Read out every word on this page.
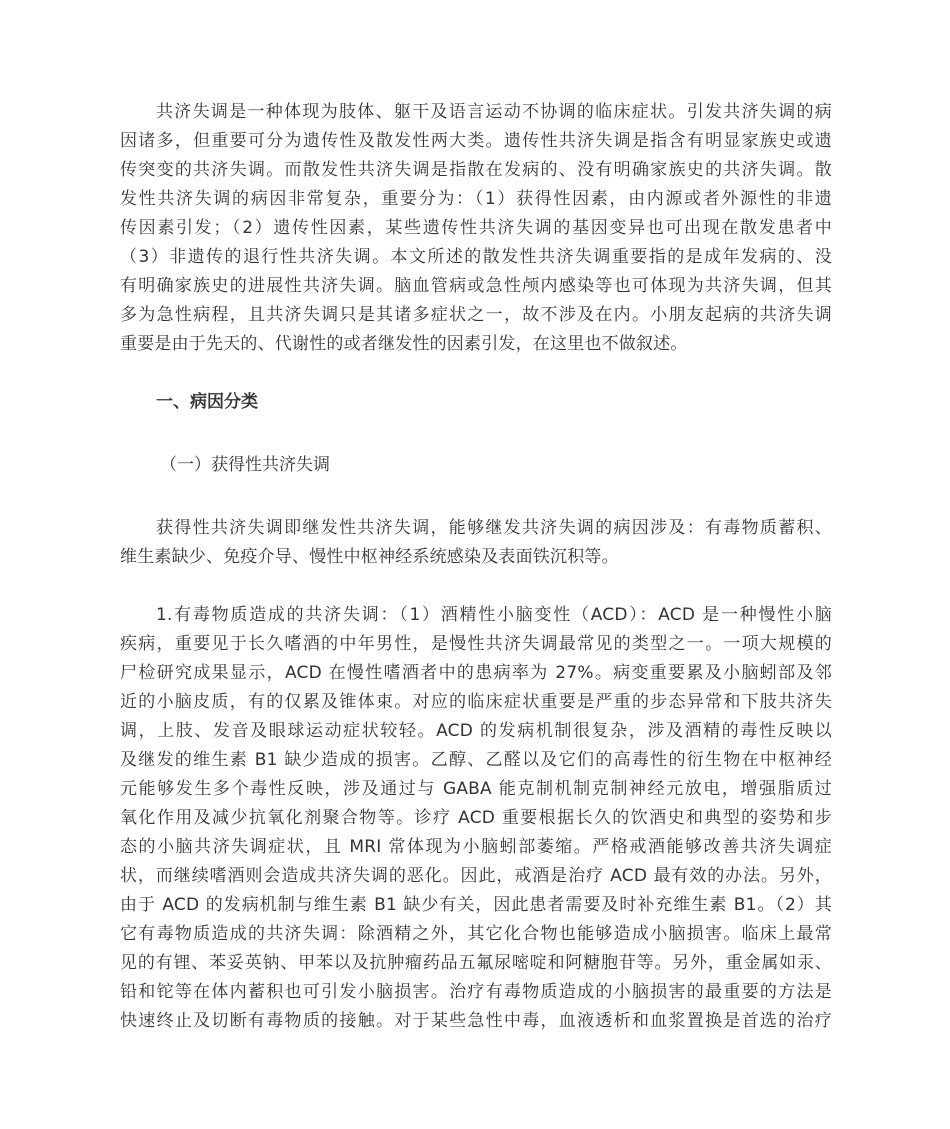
共济失调是一种体现为肢体、躯干及语言运动不协调的临床症状。引发共济失调的病
因诸多，但重要可分为遗传性及散发性两大类。遗传性共济失调是指含有明显家族史或遗
传突变的共济失调。而散发性共济失调是指散在发病的、没有明确家族史的共济失调。散
发性共济失调的病因非常复杂，重要分为：（1）获得性因素，由内源或者外源性的非遗
传因素引发；（2）遗传性因素，某些遗传性共济失调的基因变异也可出现在散发患者中
（3）非遗传的退行性共济失调。本文所述的散发性共济失调重要指的是成年发病的、没
有明确家族史的进展性共济失调。脑血管病或急性颅内感染等也可体现为共济失调，但其
多为急性病程，且共济失调只是其诸多症状之一，故不涉及在内。小朋友起病的共济失调
重要是由于先天的、代谢性的或者继发性的因素引发，在这里也不做叙述。
一、病因分类
（一）获得性共济失调
获得性共济失调即继发性共济失调，能够继发共济失调的病因涉及：有毒物质蓄积、
维生素缺少、免疫介导、慢性中枢神经系统感染及表面铁沉积等。
1.有毒物质造成的共济失调：（1）酒精性小脑变性（ACD）：ACD 是一种慢性小脑
疾病，重要见于长久嗜酒的中年男性，是慢性共济失调最常见的类型之一。一项大规模的
尸检研究成果显示，ACD 在慢性嗜酒者中的患病率为 27%。病变重要累及小脑蚓部及邻
近的小脑皮质，有的仅累及锥体束。对应的临床症状重要是严重的步态异常和下肢共济失
调，上肢、发音及眼球运动症状较轻。ACD 的发病机制很复杂，涉及酒精的毒性反映以
及继发的维生素 B1 缺少造成的损害。乙醇、乙醛以及它们的高毒性的衍生物在中枢神经
元能够发生多个毒性反映，涉及通过与 GABA 能克制机制克制神经元放电，增强脂质过
氧化作用及减少抗氧化剂聚合物等。诊疗 ACD 重要根据长久的饮酒史和典型的姿势和步
态的小脑共济失调症状，且 MRI 常体现为小脑蚓部萎缩。严格戒酒能够改善共济失调症
状，而继续嗜酒则会造成共济失调的恶化。因此，戒酒是治疗 ACD 最有效的办法。另外，
由于 ACD 的发病机制与维生素 B1 缺少有关，因此患者需要及时补充维生素 B1。（2）其
它有毒物质造成的共济失调：除酒精之外，其它化合物也能够造成小脑损害。临床上最常
见的有锂、苯妥英钠、甲苯以及抗肿瘤药品五氟尿嘧啶和阿糖胞苷等。另外，重金属如汞、
铅和铊等在体内蓄积也可引发小脑损害。治疗有毒物质造成的小脑损害的最重要的方法是
快速终止及切断有毒物质的接触。对于某些急性中毒，血液透析和血浆置换是首选的治疗
